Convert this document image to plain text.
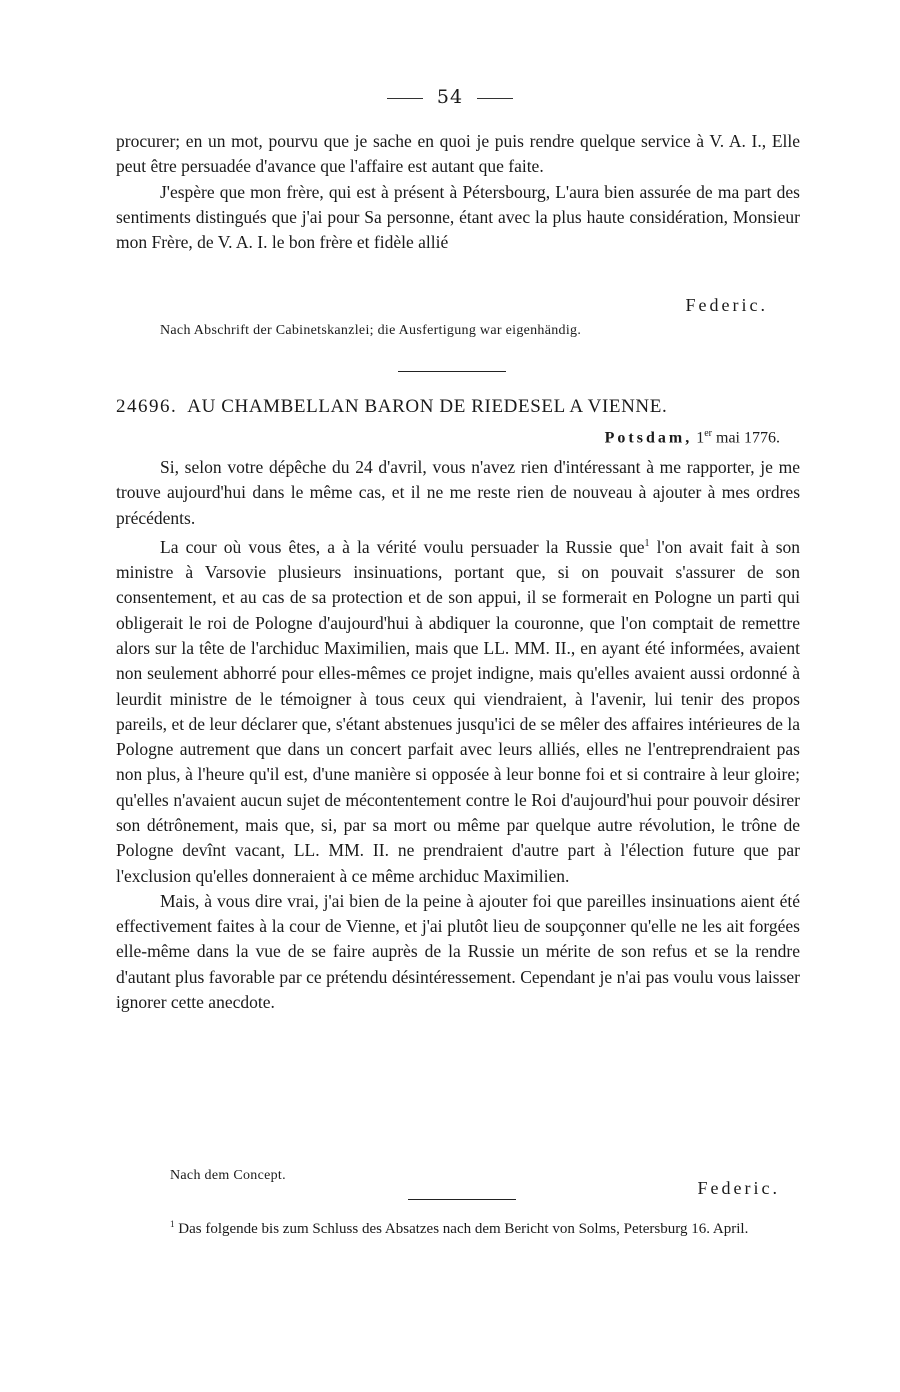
54

procurer; en un mot, pourvu que je sache en quoi je puis rendre quelque service à V. A. I., Elle peut être persuadée d'avance que l'affaire est autant que faite.

J'espère que mon frère, qui est à présent à Pétersbourg, L'aura bien assurée de ma part des sentiments distingués que j'ai pour Sa personne, étant avec la plus haute considération, Monsieur mon Frère, de V. A. I. le bon frère et fidèle allié

Federic.
Nach Abschrift der Cabinetskanzlei; die Ausfertigung war eigenhändig.
24696. AU CHAMBELLAN BARON DE RIEDESEL A VIENNE.
Potsdam, 1er mai 1776.

Si, selon votre dépêche du 24 d'avril, vous n'avez rien d'intéressant à me rapporter, je me trouve aujourd'hui dans le même cas, et il ne me reste rien de nouveau à ajouter à mes ordres précédents.

La cour où vous êtes, a à la vérité voulu persuader la Russie que$^1$ l'on avait fait à son ministre à Varsovie plusieurs insinuations, portant que, si on pouvait s'assurer de son consentement, et au cas de sa protection et de son appui, il se formerait en Pologne un parti qui obligerait le roi de Pologne d'aujourd'hui à abdiquer la couronne, que l'on comptait de remettre alors sur la tête de l'archiduc Maximilien, mais que LL. MM. II., en ayant été informées, avaient non seulement abhorré pour elles-mêmes ce projet indigne, mais qu'elles avaient aussi ordonné à leurdit ministre de le témoigner à tous ceux qui viendraient, à l'avenir, lui tenir des propos pareils, et de leur déclarer que, s'étant abstenues jusqu'ici de se mêler des affaires intérieures de la Pologne autrement que dans un concert parfait avec leurs alliés, elles ne l'entreprendraient pas non plus, à l'heure qu'il est, d'une manière si opposée à leur bonne foi et si contraire à leur gloire; qu'elles n'avaient aucun sujet de mécontentement contre le Roi d'aujourd'hui pour pouvoir désirer son détrônement, mais que, si, par sa mort ou même par quelque autre révolution, le trône de Pologne devînt vacant, LL. MM. II. ne prendraient d'autre part à l'élection future que par l'exclusion qu'elles donneraient à ce même archiduc Maximilien.

Mais, à vous dire vrai, j'ai bien de la peine à ajouter foi que pareilles insinuations aient été effectivement faites à la cour de Vienne, et j'ai plutôt lieu de soupçonner qu'elle ne les ait forgées elle-même dans la vue de se faire auprès de la Russie un mérite de son refus et se la rendre d'autant plus favorable par ce prétendu désintéressement. Cependant je n'ai pas voulu vous laisser ignorer cette anecdote.

Nach dem Concept.
Federic.

$^1$ Das folgende bis zum Schluss des Absatzes nach dem Bericht von Solms, Petersburg 16. April.
